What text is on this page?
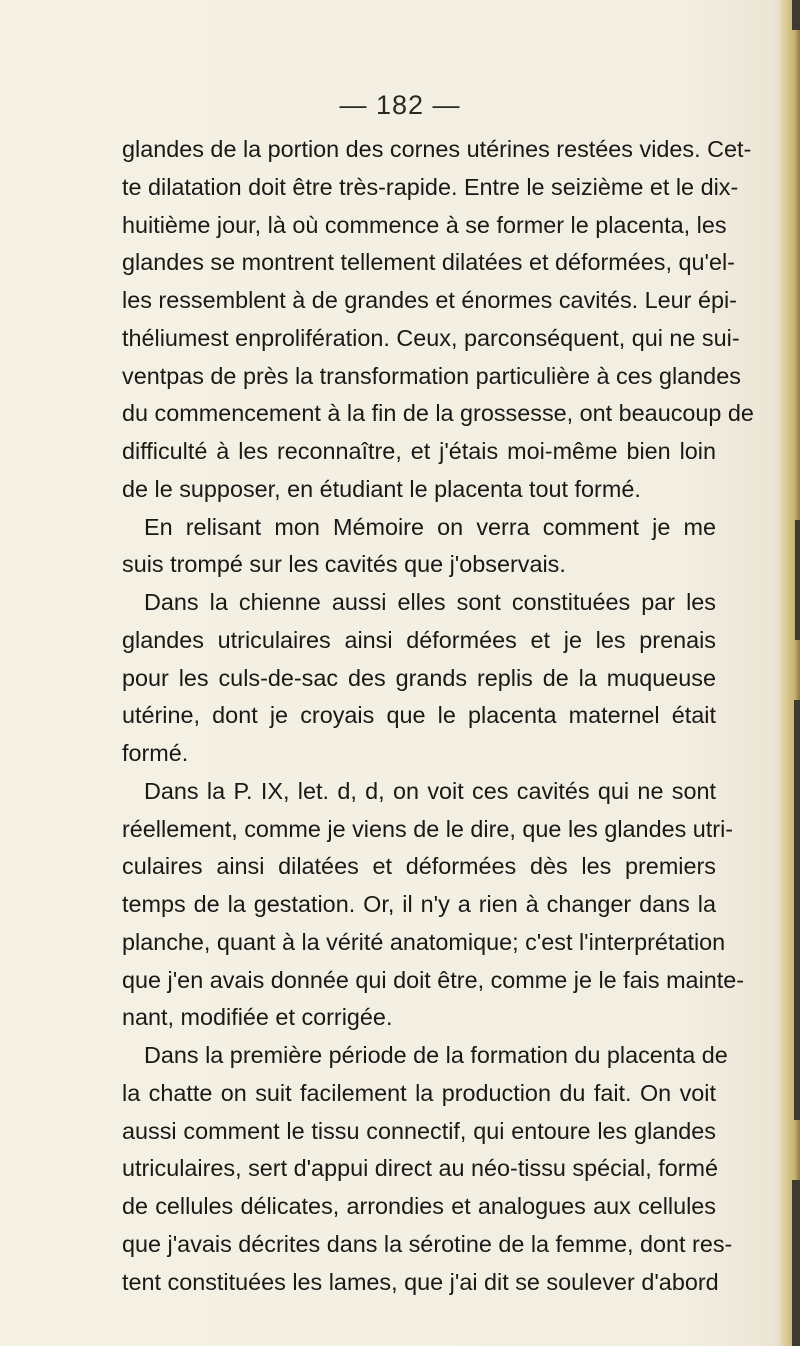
— 182 —
glandes de la portion des cornes utérines restées vides. Cet-
te dilatation doit être très-rapide. Entre le seizième et le dix-
huitième jour, là où commence à se former le placenta, les
glandes se montrent tellement dilatées et déformées, qu'el-
les ressemblent à de grandes et énormes cavités. Leur épi-
théliumest enprolifération. Ceux, parconséquent, qui ne sui-
ventpas de près la transformation particulière à ces glandes
du commencement à la fin de la grossesse, ont beaucoup de
difficulté à les reconnaître, et j'étais moi-même bien loin
de le supposer, en étudiant le placenta tout formé.
En relisant mon Mémoire on verra comment je me
suis trompé sur les cavités que j'observais.
Dans la chienne aussi elles sont constituées par les
glandes utriculaires ainsi déformées et je les prenais
pour les culs-de-sac des grands replis de la muqueuse
utérine, dont je croyais que le placenta maternel était
formé.
Dans la P. IX, let. d, d, on voit ces cavités qui ne sont
réellement, comme je viens de le dire, que les glandes utri-
culaires ainsi dilatées et déformées dès les premiers
temps de la gestation. Or, il n'y a rien à changer dans la
planche, quant à la vérité anatomique; c'est l'interprétation
que j'en avais donnée qui doit être, comme je le fais mainte-
nant, modifiée et corrigée.
Dans la première période de la formation du placenta de
la chatte on suit facilement la production du fait. On voit
aussi comment le tissu connectif, qui entoure les glandes
utriculaires, sert d'appui direct au néo-tissu spécial, formé
de cellules délicates, arrondies et analogues aux cellules
que j'avais décrites dans la sérotine de la femme, dont res-
tent constituées les lames, que j'ai dit se soulever d'abord
